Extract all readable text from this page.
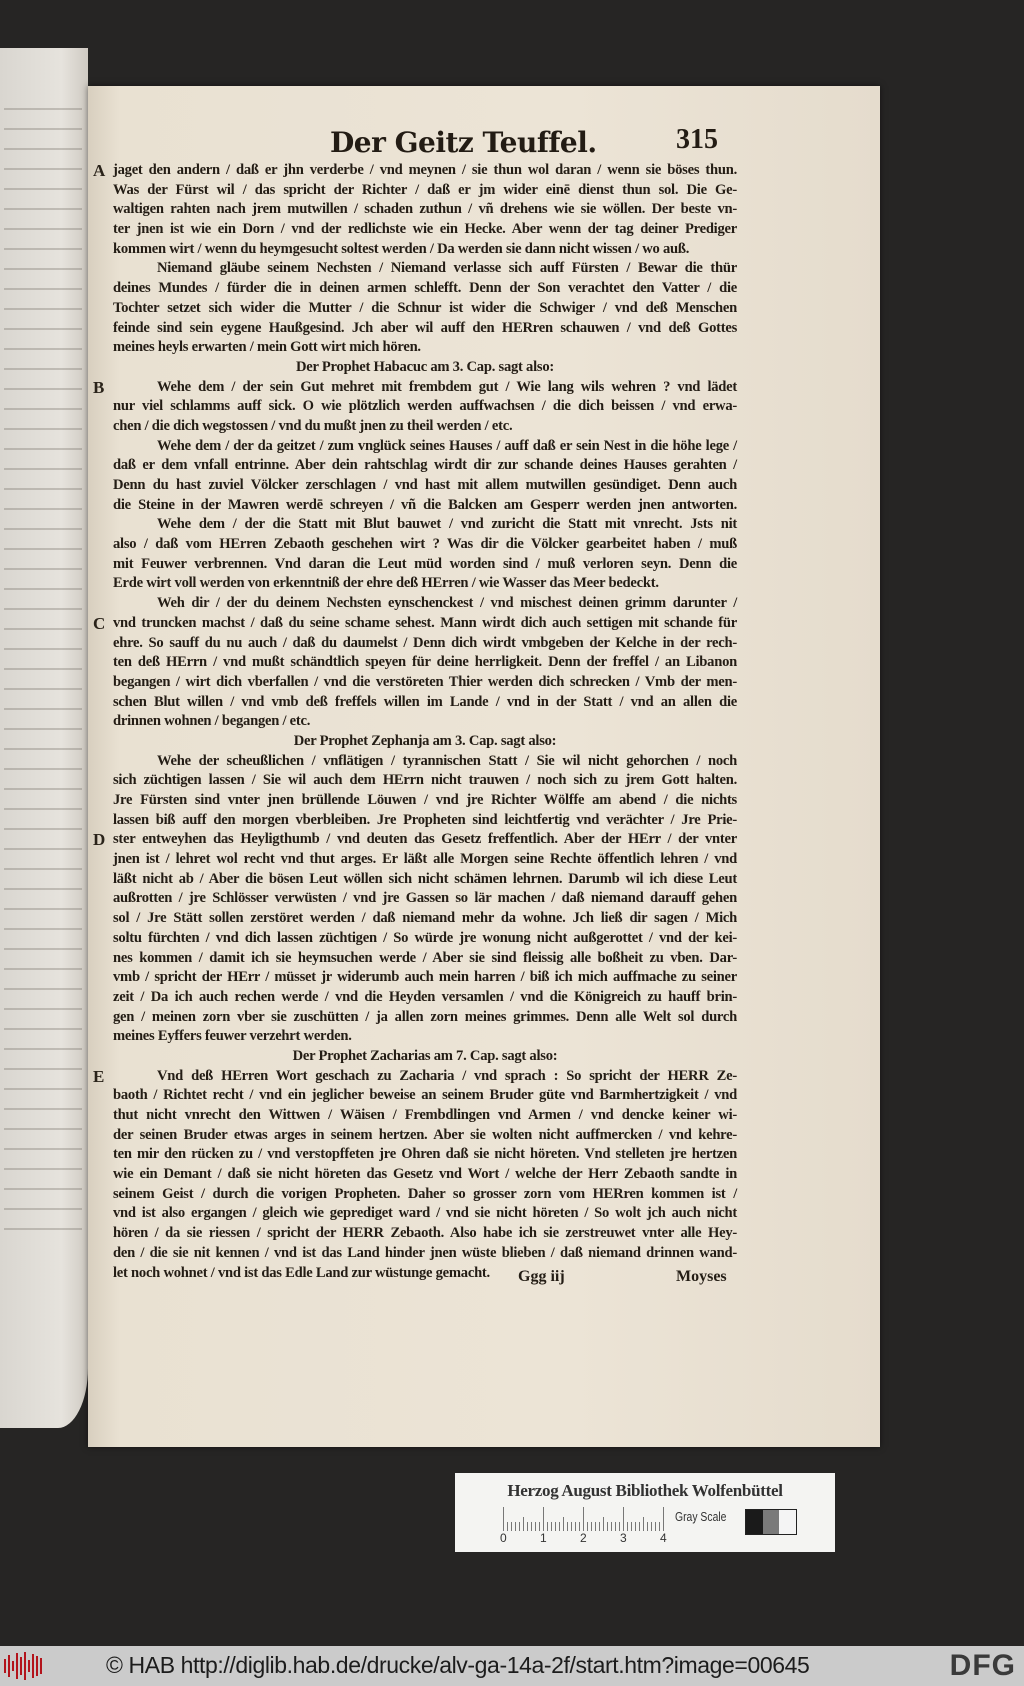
Der Geitz Teuffel.	315
jaget den andern / daß er jhn verderbe / vnd meynen / sie thun wol daran / wenn sie böses thun.
A
Was der Fürst wil / das spricht der Richter / daß er jm wider einē dienst thun sol. Die Ge-
waltigen rahten nach jrem mutwillen / schaden zuthun / vñ drehens wie sie wöllen. Der beste vn-
ter jnen ist wie ein Dorn / vnd der redlichste wie ein Hecke. Aber wenn der tag deiner Prediger
kommen wirt / wenn du heymgesucht soltest werden / Da werden sie dann nicht wissen / wo auß.
Niemand gläube seinem Nechsten / Niemand verlasse sich auff Fürsten / Bewar die thür
deines Mundes / fürder die in deinen armen schlefft. Denn der Son verachtet den Vatter / die
Tochter setzet sich wider die Mutter / die Schnur ist wider die Schwiger / vnd deß Menschen
feinde sind sein eygene Haußgesind. Jch aber wil auff den HERren schauwen / vnd deß Gottes
meines heyls erwarten / mein Gott wirt mich hören.
Der Prophet Habacuc am 3. Cap. sagt also:
Wehe dem / der sein Gut mehret mit frembdem gut / Wie lang wils wehren ? vnd lädet
B
nur viel schlamms auff sick. O wie plötzlich werden auffwachsen / die dich beissen / vnd erwa-
chen / die dich wegstossen / vnd du mußt jnen zu theil werden / etc.
Wehe dem / der da geitzet / zum vnglück seines Hauses / auff daß er sein Nest in die höhe lege /
daß er dem vnfall entrinne. Aber dein rahtschlag wirdt dir zur schande deines Hauses gerahten /
Denn du hast zuviel Völcker zerschlagen / vnd hast mit allem mutwillen gesündiget. Denn auch
die Steine in der Mawren werdē schreyen / vñ die Balcken am Gesperr werden jnen antworten.
Wehe dem / der die Statt mit Blut bauwet / vnd zuricht die Statt mit vnrecht. Jsts nit
also / daß vom HErren Zebaoth geschehen wirt ? Was dir die Völcker gearbeitet haben / muß
mit Feuwer verbrennen. Vnd daran die Leut müd worden sind / muß verloren seyn. Denn die
Erde wirt voll werden von erkenntniß der ehre deß HErren / wie Wasser das Meer bedeckt.
Weh dir / der du deinem Nechsten eynschenckest / vnd mischest deinen grimm darunter /
vnd truncken machst / daß du seine schame sehest. Mann wirdt dich auch settigen mit schande für
C
ehre. So sauff du nu auch / daß du daumelst / Denn dich wirdt vmbgeben der Kelche in der rech-
ten deß HErrn / vnd mußt schändtlich speyen für deine herrligkeit. Denn der freffel / an Libanon
begangen / wirt dich vberfallen / vnd die verstöreten Thier werden dich schrecken / Vmb der men-
schen Blut willen / vnd vmb deß freffels willen im Lande / vnd in der Statt / vnd an allen die
drinnen wohnen / begangen / etc.
Der Prophet Zephanja am 3. Cap. sagt also:
Wehe der scheußlichen / vnflätigen / tyrannischen Statt / Sie wil nicht gehorchen / noch
sich züchtigen lassen / Sie wil auch dem HErrn nicht trauwen / noch sich zu jrem Gott halten.
Jre Fürsten sind vnter jnen brüllende Löuwen / vnd jre Richter Wölffe am abend / die nichts
lassen biß auff den morgen vberbleiben. Jre Propheten sind leichtfertig vnd verächter / Jre Prie-
ster entweyhen das Heyligthumb / vnd deuten das Gesetz freffentlich. Aber der HErr / der vnter
D
jnen ist / lehret wol recht vnd thut arges. Er läßt alle Morgen seine Rechte öffentlich lehren / vnd
läßt nicht ab / Aber die bösen Leut wöllen sich nicht schämen lehrnen. Darumb wil ich diese Leut
außrotten / jre Schlösser verwüsten / vnd jre Gassen so lär machen / daß niemand darauff gehen
sol / Jre Stätt sollen zerstöret werden / daß niemand mehr da wohne. Jch ließ dir sagen / Mich
soltu fürchten / vnd dich lassen züchtigen / So würde jre wonung nicht außgerottet / vnd der kei-
nes kommen / damit ich sie heymsuchen werde / Aber sie sind fleissig alle boßheit zu vben. Dar-
vmb / spricht der HErr / müsset jr widerumb auch mein harren / biß ich mich auffmache zu seiner
zeit / Da ich auch rechen werde / vnd die Heyden versamlen / vnd die Königreich zu hauff brin-
gen / meinen zorn vber sie zuschütten / ja allen zorn meines grimmes. Denn alle Welt sol durch
meines Eyffers feuwer verzehrt werden.
Der Prophet Zacharias am 7. Cap. sagt also:
Vnd deß HErren Wort geschach zu Zacharia / vnd sprach : So spricht der HERR Ze-
E
baoth / Richtet recht / vnd ein jeglicher beweise an seinem Bruder güte vnd Barmhertzigkeit / vnd
thut nicht vnrecht den Wittwen / Wäisen / Frembdlingen vnd Armen / vnd dencke keiner wi-
der seinen Bruder etwas arges in seinem hertzen. Aber sie wolten nicht auffmercken / vnd kehre-
ten mir den rücken zu / vnd verstopffeten jre Ohren daß sie nicht höreten. Vnd stelleten jre hertzen
wie ein Demant / daß sie nicht höreten das Gesetz vnd Wort / welche der Herr Zebaoth sandte in
seinem Geist / durch die vorigen Propheten. Daher so grosser zorn vom HERren kommen ist /
vnd ist also ergangen / gleich wie geprediget ward / vnd sie nicht höreten / So wolt jch auch nicht
hören / da sie riessen / spricht der HERR Zebaoth. Also habe ich sie zerstreuwet vnter alle Hey-
den / die sie nit kennen / vnd ist das Land hinder jnen wüste blieben / daß niemand drinnen wand-
let noch wohnet / vnd ist das Edle Land zur wüstunge gemacht.	Ggg iij	Moyses
Herzog August Bibliothek Wolfenbüttel
0	1	2	3	4
Gray Scale
© HAB http://diglib.hab.de/drucke/alv-ga-14a-2f/start.htm?image=00645	DFG
